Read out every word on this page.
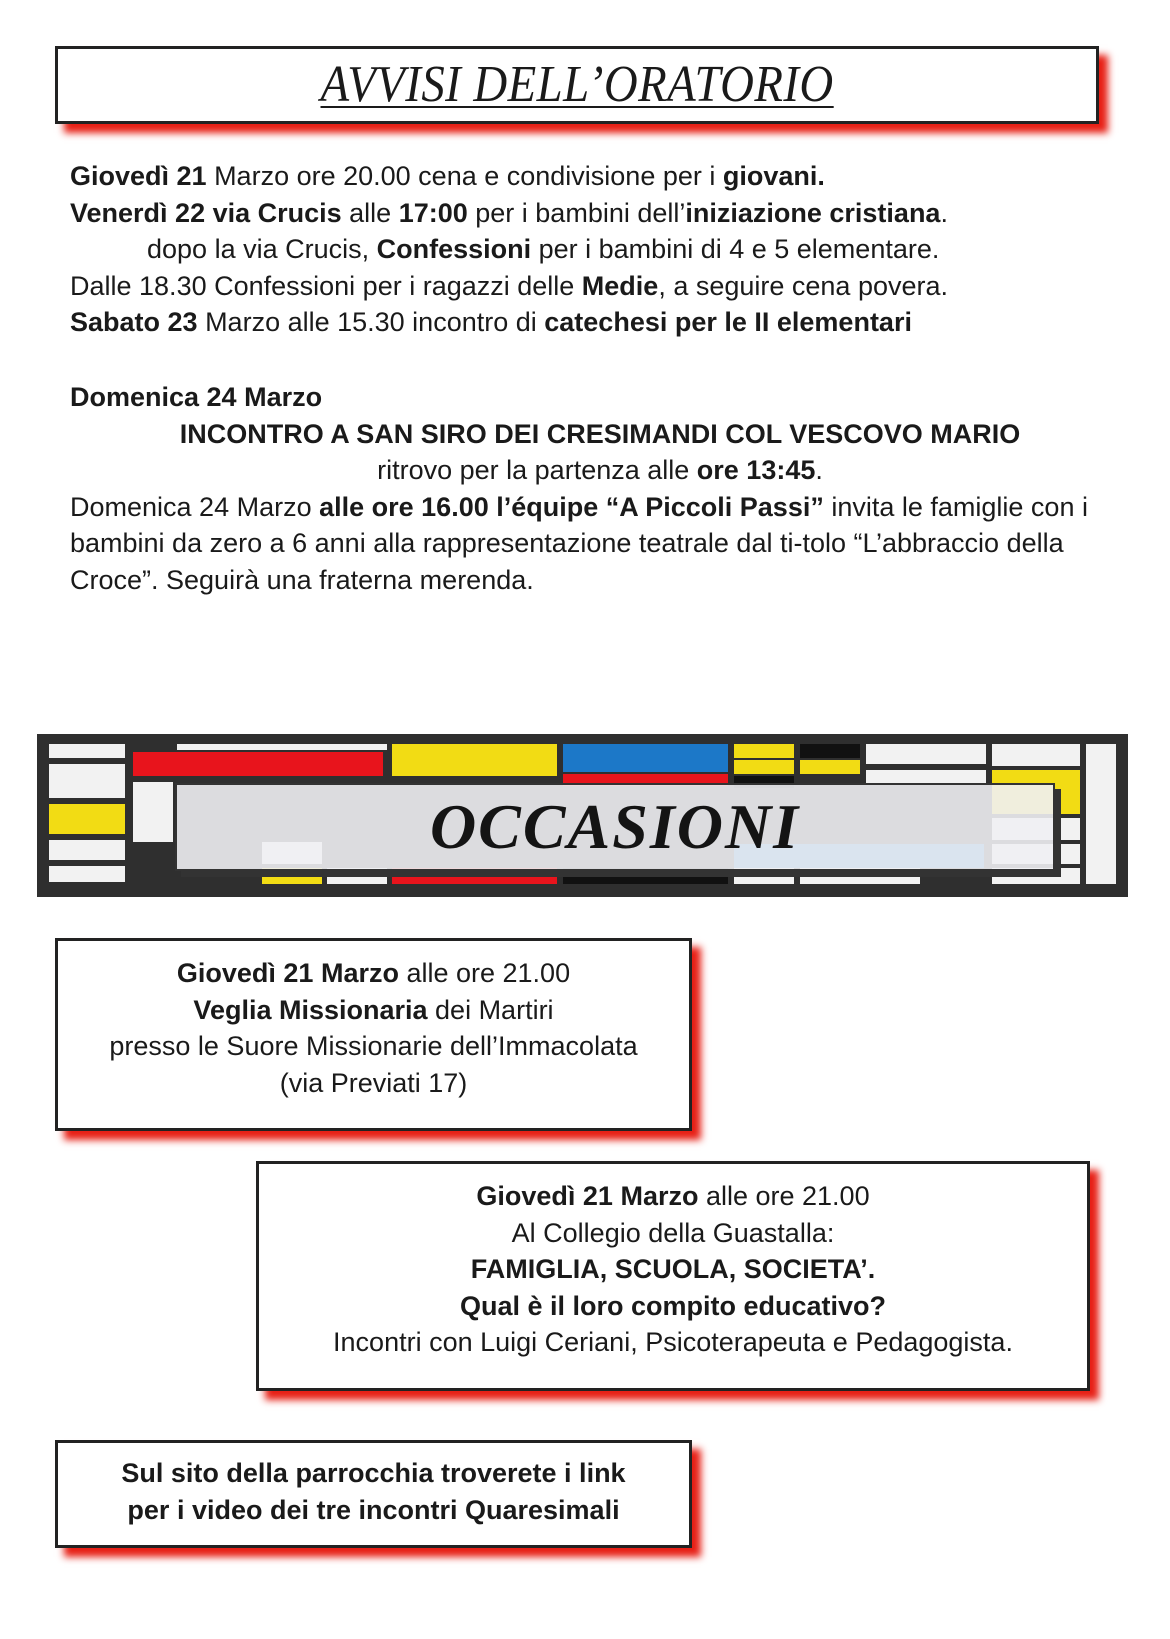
AVVISI DELL’ORATORIO

Giovedì 21 Marzo ore 20.00 cena e condivisione per i giovani.

Venerdì 22 via Crucis alle 17:00 per i bambini dell’iniziazione cristiana.

dopo la via Crucis, Confessioni per i bambini di 4 e 5 elementare.

Dalle 18.30 Confessioni per i ragazzi delle Medie, a seguire cena povera.

Sabato 23 Marzo alle 15.30 incontro di catechesi per le II elementari

Domenica 24 Marzo

INCONTRO A SAN SIRO DEI CRESIMANDI COL VESCOVO MARIO

ritrovo per la partenza alle ore 13:45.

Domenica 24 Marzo alle ore 16.00 l’équipe “A Piccoli Passi” invita le famiglie con i bambini da zero a 6 anni alla rappresentazione teatrale dal ti-tolo “L’abbraccio della Croce”. Seguirà una fraterna merenda.

OCCASIONI

Giovedì 21 Marzo alle ore 21.00

Veglia Missionaria dei Martiri

presso le Suore Missionarie dell’Immacolata

(via Previati 17)

Giovedì 21 Marzo alle ore 21.00

Al Collegio della Guastalla:

FAMIGLIA, SCUOLA, SOCIETA’.

Qual è il loro compito educativo?

Incontri con Luigi Ceriani, Psicoterapeuta e Pedagogista.

Sul sito della parrocchia troverete i link

per i video dei tre incontri Quaresimali
